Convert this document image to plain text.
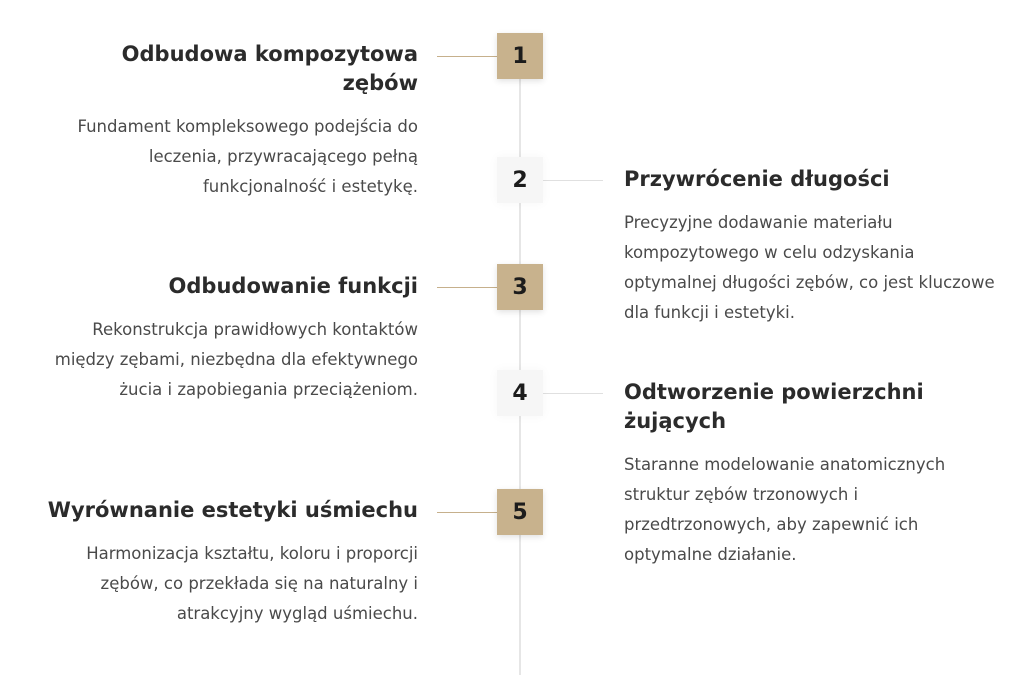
1
Odbudowa kompozytowa zębów

Fundament kompleksowego podejścia do leczenia, przywracającego pełną funkcjonalność i estetykę.	2	Przywrócenie długości

Precyzyjne dodawanie materiału kompozytowego w celu odzyskania optymalnej długości zębów, co jest kluczowe dla funkcji i estetyki.

3
Odbudowanie funkcji

Rekonstrukcja prawidłowych kontaktów między zębami, niezbędna dla efektywnego żucia i zapobiegania przeciążeniom.	4	Odtworzenie powierzchni żujących

Staranne modelowanie anatomicznych struktur zębów trzonowych i przedtrzonowych, aby zapewnić ich optymalne działanie.

5
Wyrównanie estetyki uśmiechu

Harmonizacja kształtu, koloru i proporcji zębów, co przekłada się na naturalny i atrakcyjny wygląd uśmiechu.
